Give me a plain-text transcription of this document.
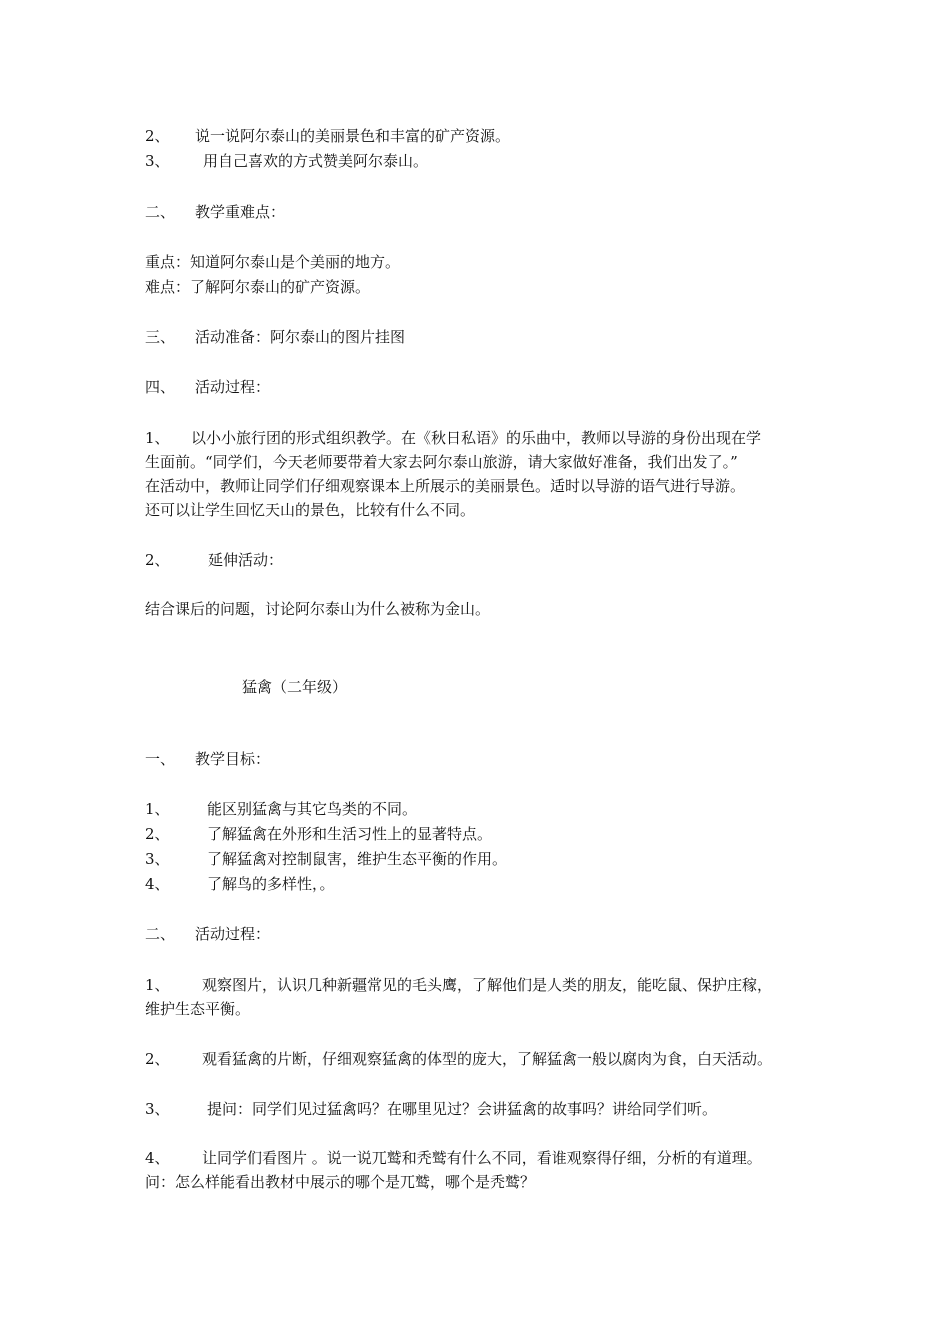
2、 说一说阿尔泰山的美丽景色和丰富的矿产资源。
3、 用自己喜欢的方式赞美阿尔泰山。
二、 教学重难点：
重点：知道阿尔泰山是个美丽的地方。
难点：了解阿尔泰山的矿产资源。
三、 活动准备：阿尔泰山的图片挂图
四、 活动过程：
1、 以小小旅行团的形式组织教学。在《秋日私语》的乐曲中，教师以导游的身份出现在学
生面前。“同学们，今天老师要带着大家去阿尔泰山旅游，请大家做好准备，我们出发了。”
在活动中，教师让同学们仔细观察课本上所展示的美丽景色。适时以导游的语气进行导游。
还可以让学生回忆天山的景色，比较有什么不同。
2、	延伸活动：
结合课后的问题，讨论阿尔泰山为什么被称为金山。
猛禽（二年级）
一、 教学目标：
1、 能区别猛禽与其它鸟类的不同。
2、 了解猛禽在外形和生活习性上的显著特点。
3、 了解猛禽对控制鼠害，维护生态平衡的作用。
4、 了解鸟的多样性，。
二、 活动过程：
1、 观察图片，认识几种新疆常见的毛头鹰，了解他们是人类的朋友，能吃鼠、保护庄稼，
维护生态平衡。
2、 观看猛禽的片断，仔细观察猛禽的体型的庞大，了解猛禽一般以腐肉为食，白天活动。
3、 提问：同学们见过猛禽吗？在哪里见过？会讲猛禽的故事吗？讲给同学们听。
4、 让同学们看图片 。说一说兀鹫和秃鹫有什么不同，看谁观察得仔细，分析的有道理。
问：怎么样能看出教材中展示的哪个是兀鹫，哪个是秃鹫？
